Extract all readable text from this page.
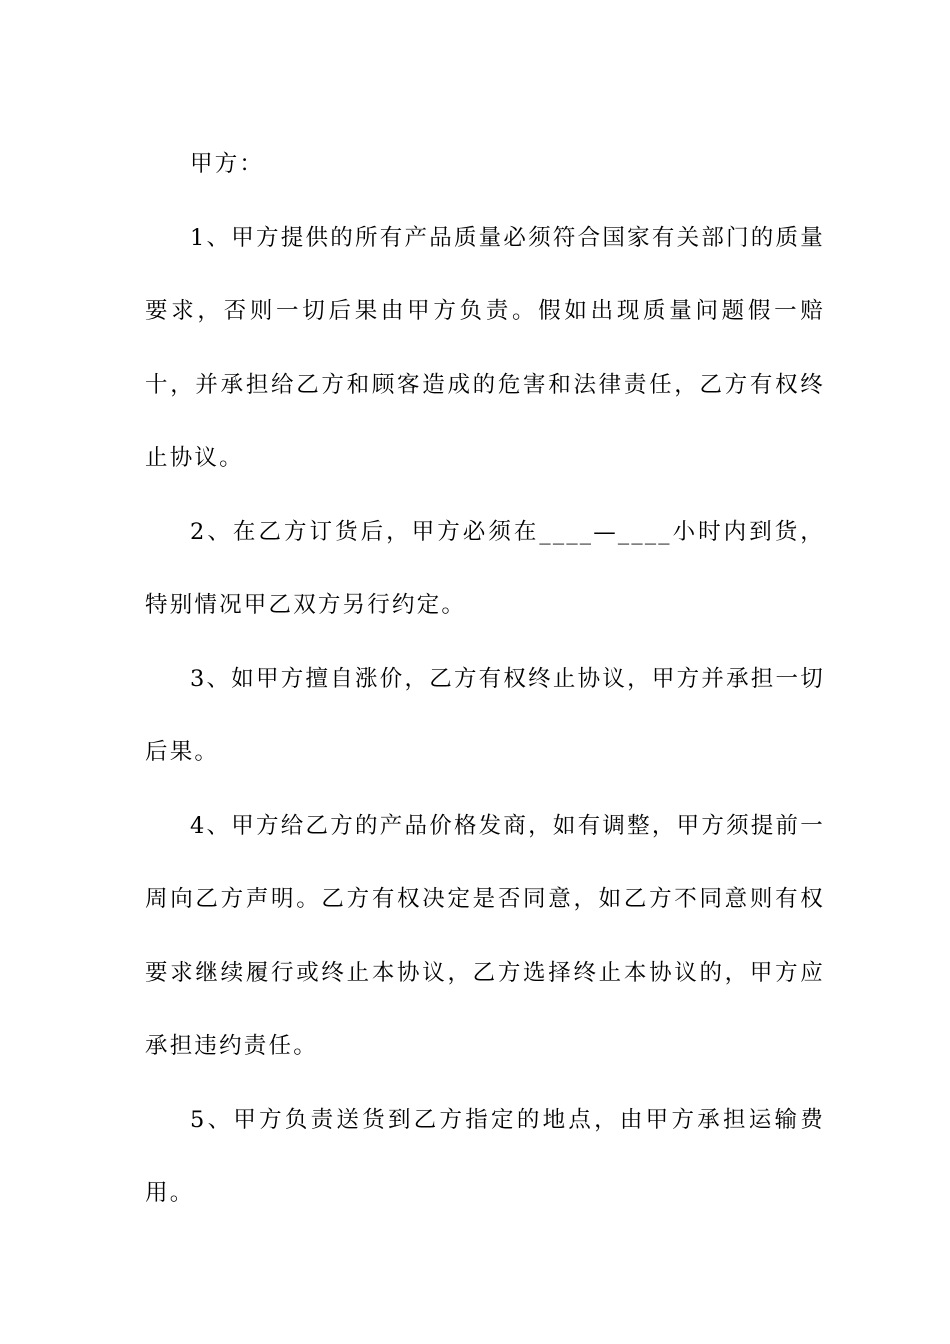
甲方：

1、甲方提供的所有产品质量必须符合国家有关部门的质量要求，否则一切后果由甲方负责。假如出现质量问题假一赔十，并承担给乙方和顾客造成的危害和法律责任，乙方有权终止协议。

2、在乙方订货后，甲方必须在____—____小时内到货，特别情况甲乙双方另行约定。

3、如甲方擅自涨价，乙方有权终止协议，甲方并承担一切后果。

4、甲方给乙方的产品价格发商，如有调整，甲方须提前一周向乙方声明。乙方有权决定是否同意，如乙方不同意则有权要求继续履行或终止本协议，乙方选择终止本协议的，甲方应承担违约责任。

5、甲方负责送货到乙方指定的地点，由甲方承担运输费用。
